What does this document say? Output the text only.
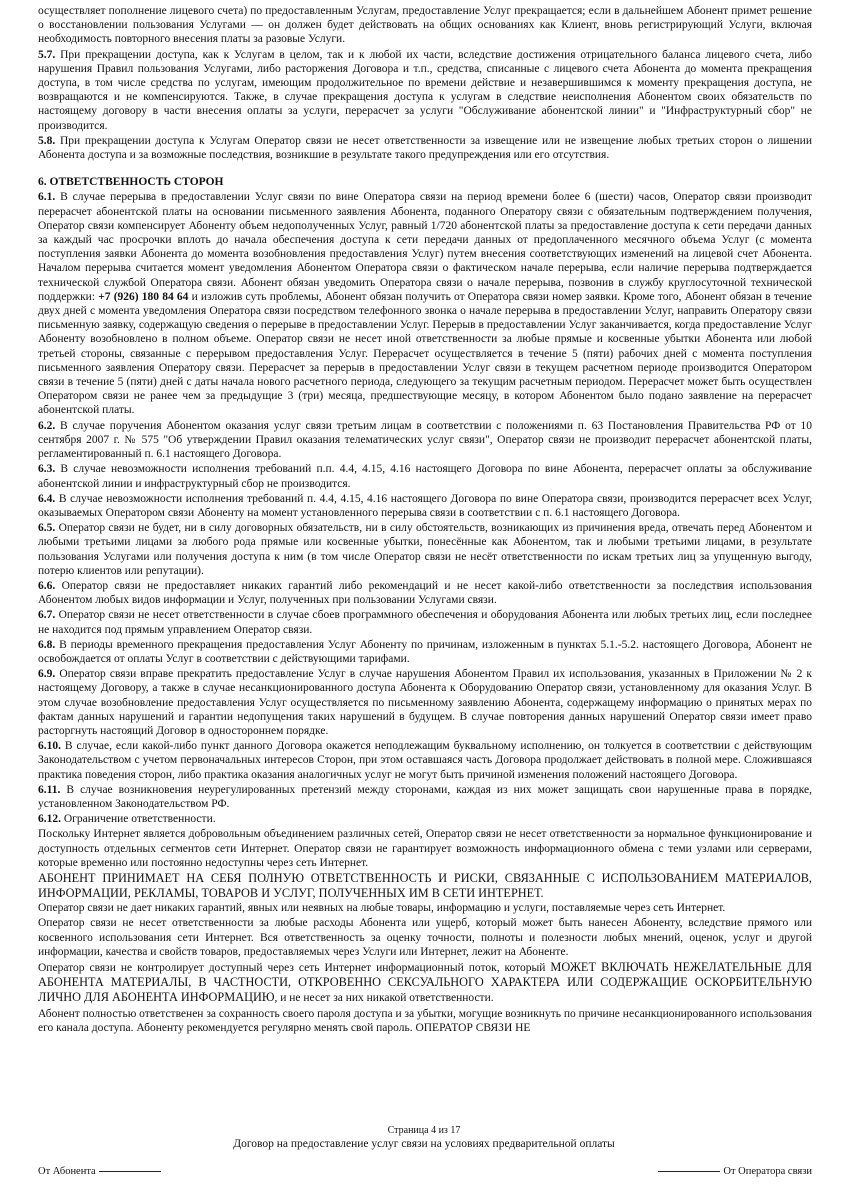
осуществляет пополнение лицевого счета) по предоставленным Услугам, предоставление Услуг прекращается; если в дальнейшем Абонент примет решение о восстановлении пользования Услугами — он должен будет действовать на общих основаниях как Клиент, вновь регистрирующий Услуги, включая необходимость повторного внесения платы за разовые Услуги.

5.7. При прекращении доступа, как к Услугам в целом, так и к любой их части, вследствие достижения отрицательного баланса лицевого счета, либо нарушения Правил пользования Услугами, либо расторжения Договора и т.п., средства, списанные с лицевого счета Абонента до момента прекращения доступа, в том числе средства по услугам, имеющим продолжительное по времени действие и незавершившимся к моменту прекращения доступа, не возвращаются и не компенсируются. Также, в случае прекращения доступа к услугам в следствие неисполнения Абонентом своих обязательств по настоящему договору в части внесения оплаты за услуги, перерасчет за услуги "Обслуживание абонентской линии" и "Инфраструктурный сбор" не производится.

5.8. При прекращении доступа к Услугам Оператор связи не несет ответственности за извещение или не извещение любых третьих сторон о лишении Абонента доступа и за возможные последствия, возникшие в результате такого предупреждения или его отсутствия.

6. ОТВЕТСТВЕННОСТЬ СТОРОН

6.1. В случае перерыва в предоставлении Услуг связи по вине Оператора связи на период времени более 6 (шести) часов, Оператор связи производит перерасчет абонентской платы на основании письменного заявления Абонента, поданного Оператору связи с обязательным подтверждением получения, Оператор связи компенсирует Абоненту объем недополученных Услуг, равный 1/720 абонентской платы за предоставление доступа к сети передачи данных за каждый час просрочки вплоть до начала обеспечения доступа к сети передачи данных от предоплаченного месячного объема Услуг (с момента поступления заявки Абонента до момента возобновления предоставления Услуг) путем внесения соответствующих изменений на лицевой счет Абонента. Началом перерыва считается момент уведомления Абонентом Оператора связи о фактическом начале перерыва, если наличие перерыва подтверждается технической службой Оператора связи. Абонент обязан уведомить Оператора связи о начале перерыва, позвонив в службу круглосуточной технической поддержки: +7 (926) 180 84 64 и изложив суть проблемы, Абонент обязан получить от Оператора связи номер заявки. Кроме того, Абонент обязан в течение двух дней с момента уведомления Оператора связи посредством телефонного звонка о начале перерыва в предоставлении Услуг, направить Оператору связи письменную заявку, содержащую сведения о перерыве в предоставлении Услуг. Перерыв в предоставлении Услуг заканчивается, когда предоставление Услуг Абоненту возобновлено в полном объеме. Оператор связи не несет иной ответственности за любые прямые и косвенные убытки Абонента или любой третьей стороны, связанные с перерывом предоставления Услуг. Перерасчет осуществляется в течение 5 (пяти) рабочих дней с момента поступления письменного заявления Оператору связи. Перерасчет за перерыв в предоставлении Услуг связи в текущем расчетном периоде производится Оператором связи в течение 5 (пяти) дней с даты начала нового расчетного периода, следующего за текущим расчетным периодом. Перерасчет может быть осуществлен Оператором связи не ранее чем за предыдущие 3 (три) месяца, предшествующие месяцу, в котором Абонентом было подано заявление на перерасчет абонентской платы.

6.2. В случае поручения Абонентом оказания услуг связи третьим лицам в соответствии с положениями п. 63 Постановления Правительства РФ от 10 сентября 2007 г. № 575 "Об утверждении Правил оказания телематических услуг связи", Оператор связи не производит перерасчет абонентской платы, регламентированный п. 6.1 настоящего Договора.

6.3. В случае невозможности исполнения требований п.п. 4.4, 4.15, 4.16 настоящего Договора по вине Абонента, перерасчет оплаты за обслуживание абонентской линии и инфраструктурный сбор не производится.

6.4. В случае невозможности исполнения требований п. 4.4, 4.15, 4.16 настоящего Договора по вине Оператора связи, производится перерасчет всех Услуг, оказываемых Оператором связи Абоненту на момент установленного перерыва связи в соответствии с п. 6.1 настоящего Договора.

6.5. Оператор связи не будет, ни в силу договорных обязательств, ни в силу обстоятельств, возникающих из причинения вреда, отвечать перед Абонентом и любыми третьими лицами за любого рода прямые или косвенные убытки, понесённые как Абонентом, так и любыми третьими лицами, в результате пользования Услугами или получения доступа к ним (в том числе Оператор связи не несёт ответственности по искам третьих лиц за упущенную выгоду, потерю клиентов или репутации).

6.6. Оператор связи не предоставляет никаких гарантий либо рекомендаций и не несет какой-либо ответственности за последствия использования Абонентом любых видов информации и Услуг, полученных при пользовании Услугами связи.

6.7. Оператор связи не несет ответственности в случае сбоев программного обеспечения и оборудования Абонента или любых третьих лиц, если последнее не находится под прямым управлением Оператор связи.

6.8. В периоды временного прекращения предоставления Услуг Абоненту по причинам, изложенным в пунктах 5.1.-5.2. настоящего Договора, Абонент не освобождается от оплаты Услуг в соответствии с действующими тарифами.

6.9. Оператор связи вправе прекратить предоставление Услуг в случае нарушения Абонентом Правил их использования, указанных в Приложении № 2 к настоящему Договору, а также в случае несанкционированного доступа Абонента к Оборудованию Оператор связи, установленному для оказания Услуг. В этом случае возобновление предоставления Услуг осуществляется по письменному заявлению Абонента, содержащему информацию о принятых мерах по фактам данных нарушений и гарантии недопущения таких нарушений в будущем. В случае повторения данных нарушений Оператор связи имеет право расторгнуть настоящий Договор в одностороннем порядке.

6.10. В случае, если какой-либо пункт данного Договора окажется неподлежащим буквальному исполнению, он толкуется в соответствии с действующим Законодательством с учетом первоначальных интересов Сторон, при этом оставшаяся часть Договора продолжает действовать в полной мере. Сложившаяся практика поведения сторон, либо практика оказания аналогичных услуг не могут быть причиной изменения положений настоящего Договора.

6.11. В случае возникновения неурегулированных претензий между сторонами, каждая из них может защищать свои нарушенные права в порядке, установленном Законодательством РФ.

6.12. Ограничение ответственности.

Поскольку Интернет является добровольным объединением различных сетей, Оператор связи не несет ответственности за нормальное функционирование и доступность отдельных сегментов сети Интернет. Оператор связи не гарантирует возможность информационного обмена с теми узлами или серверами, которые временно или постоянно недоступны через сеть Интернет.

АБОНЕНТ ПРИНИМАЕТ НА СЕБЯ ПОЛНУЮ ОТВЕТСТВЕННОСТЬ И РИСКИ, СВЯЗАННЫЕ С ИСПОЛЬЗОВАНИЕМ МАТЕРИАЛОВ, ИНФОРМАЦИИ, РЕКЛАМЫ, ТОВАРОВ И УСЛУГ, ПОЛУЧЕННЫХ ИМ В СЕТИ ИНТЕРНЕТ.

Оператор связи не дает никаких гарантий, явных или неявных на любые товары, информацию и услуги, поставляемые через сеть Интернет.

Оператор связи не несет ответственности за любые расходы Абонента или ущерб, который может быть нанесен Абоненту, вследствие прямого или косвенного использования сети Интернет. Вся ответственность за оценку точности, полноты и полезности любых мнений, оценок, услуг и другой информации, качества и свойств товаров, предоставляемых через Услуги или Интернет, лежит на Абоненте.

Оператор связи не контролирует доступный через сеть Интернет информационный поток, который МОЖЕТ ВКЛЮЧАТЬ НЕЖЕЛАТЕЛЬНЫЕ ДЛЯ АБОНЕНТА МАТЕРИАЛЫ, В ЧАСТНОСТИ, ОТКРОВЕННО СЕКСУАЛЬНОГО ХАРАКТЕРА ИЛИ СОДЕРЖАЩИЕ ОСКОРБИТЕЛЬНУЮ ЛИЧНО ДЛЯ АБОНЕНТА ИНФОРМАЦИЮ, и не несет за них никакой ответственности.

Абонент полностью ответственен за сохранность своего пароля доступа и за убытки, могущие возникнуть по причине несанкционированного использования его канала доступа. Абоненту рекомендуется регулярно менять свой пароль. ОПЕРАТОР СВЯЗИ НЕ

Страница 4 из 17
Договор на предоставление услуг связи на условиях предварительной оплаты
От Абонента	От Оператора связи
